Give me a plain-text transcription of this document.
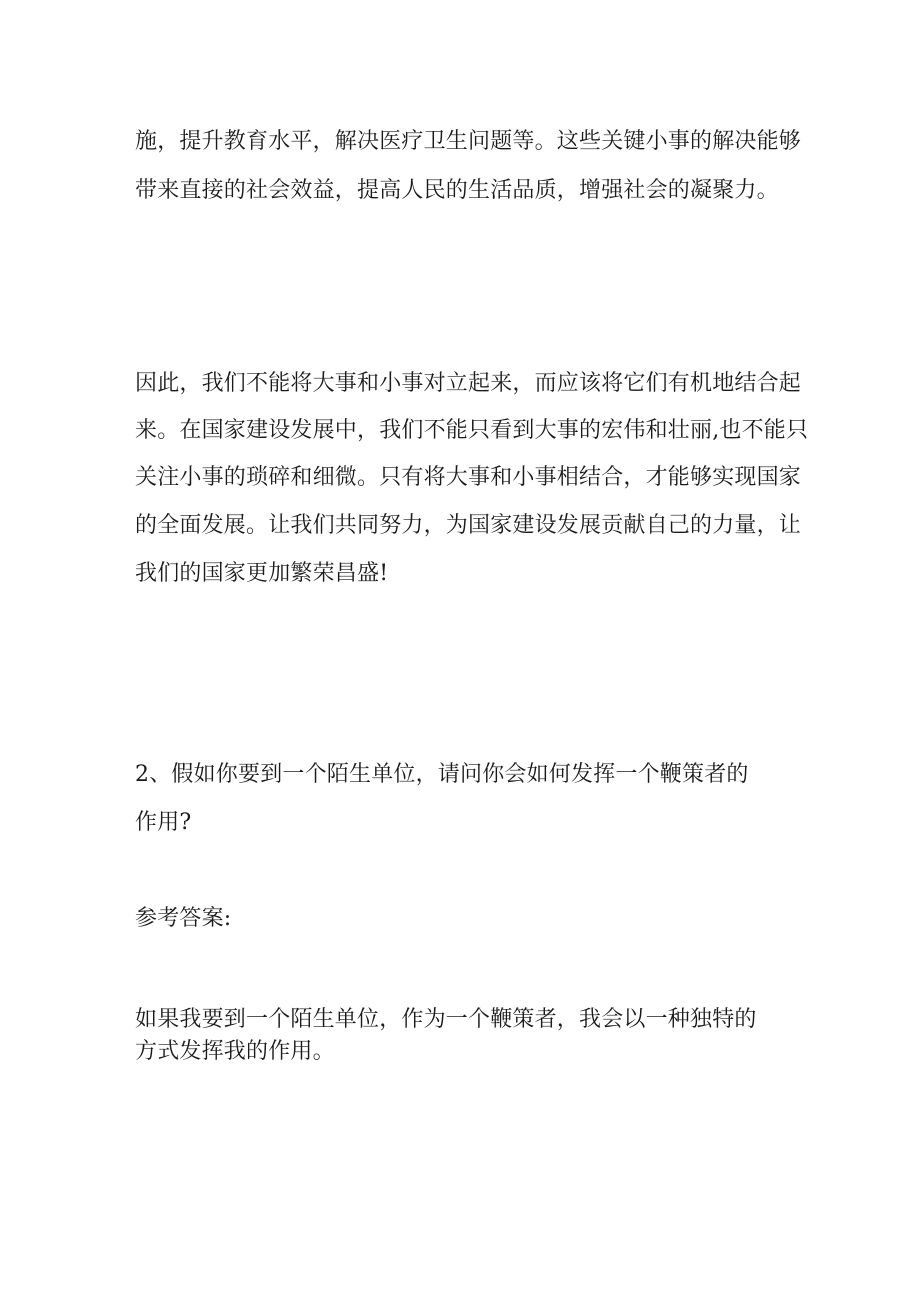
施，提升教育水平，解决医疗卫生问题等。这些关键小事的解决能够
带来直接的社会效益，提高人民的生活品质，增强社会的凝聚力。
因此，我们不能将大事和小事对立起来，而应该将它们有机地结合起
来。在国家建设发展中，我们不能只看到大事的宏伟和壮丽,也不能只
关注小事的琐碎和细微。只有将大事和小事相结合，才能够实现国家
的全面发展。让我们共同努力，为国家建设发展贡献自己的力量，让
我们的国家更加繁荣昌盛!
2、假如你要到一个陌生单位，请问你会如何发挥一个鞭策者的
作用?
参考答案:
如果我要到一个陌生单位，作为一个鞭策者，我会以一种独特的
方式发挥我的作用。
